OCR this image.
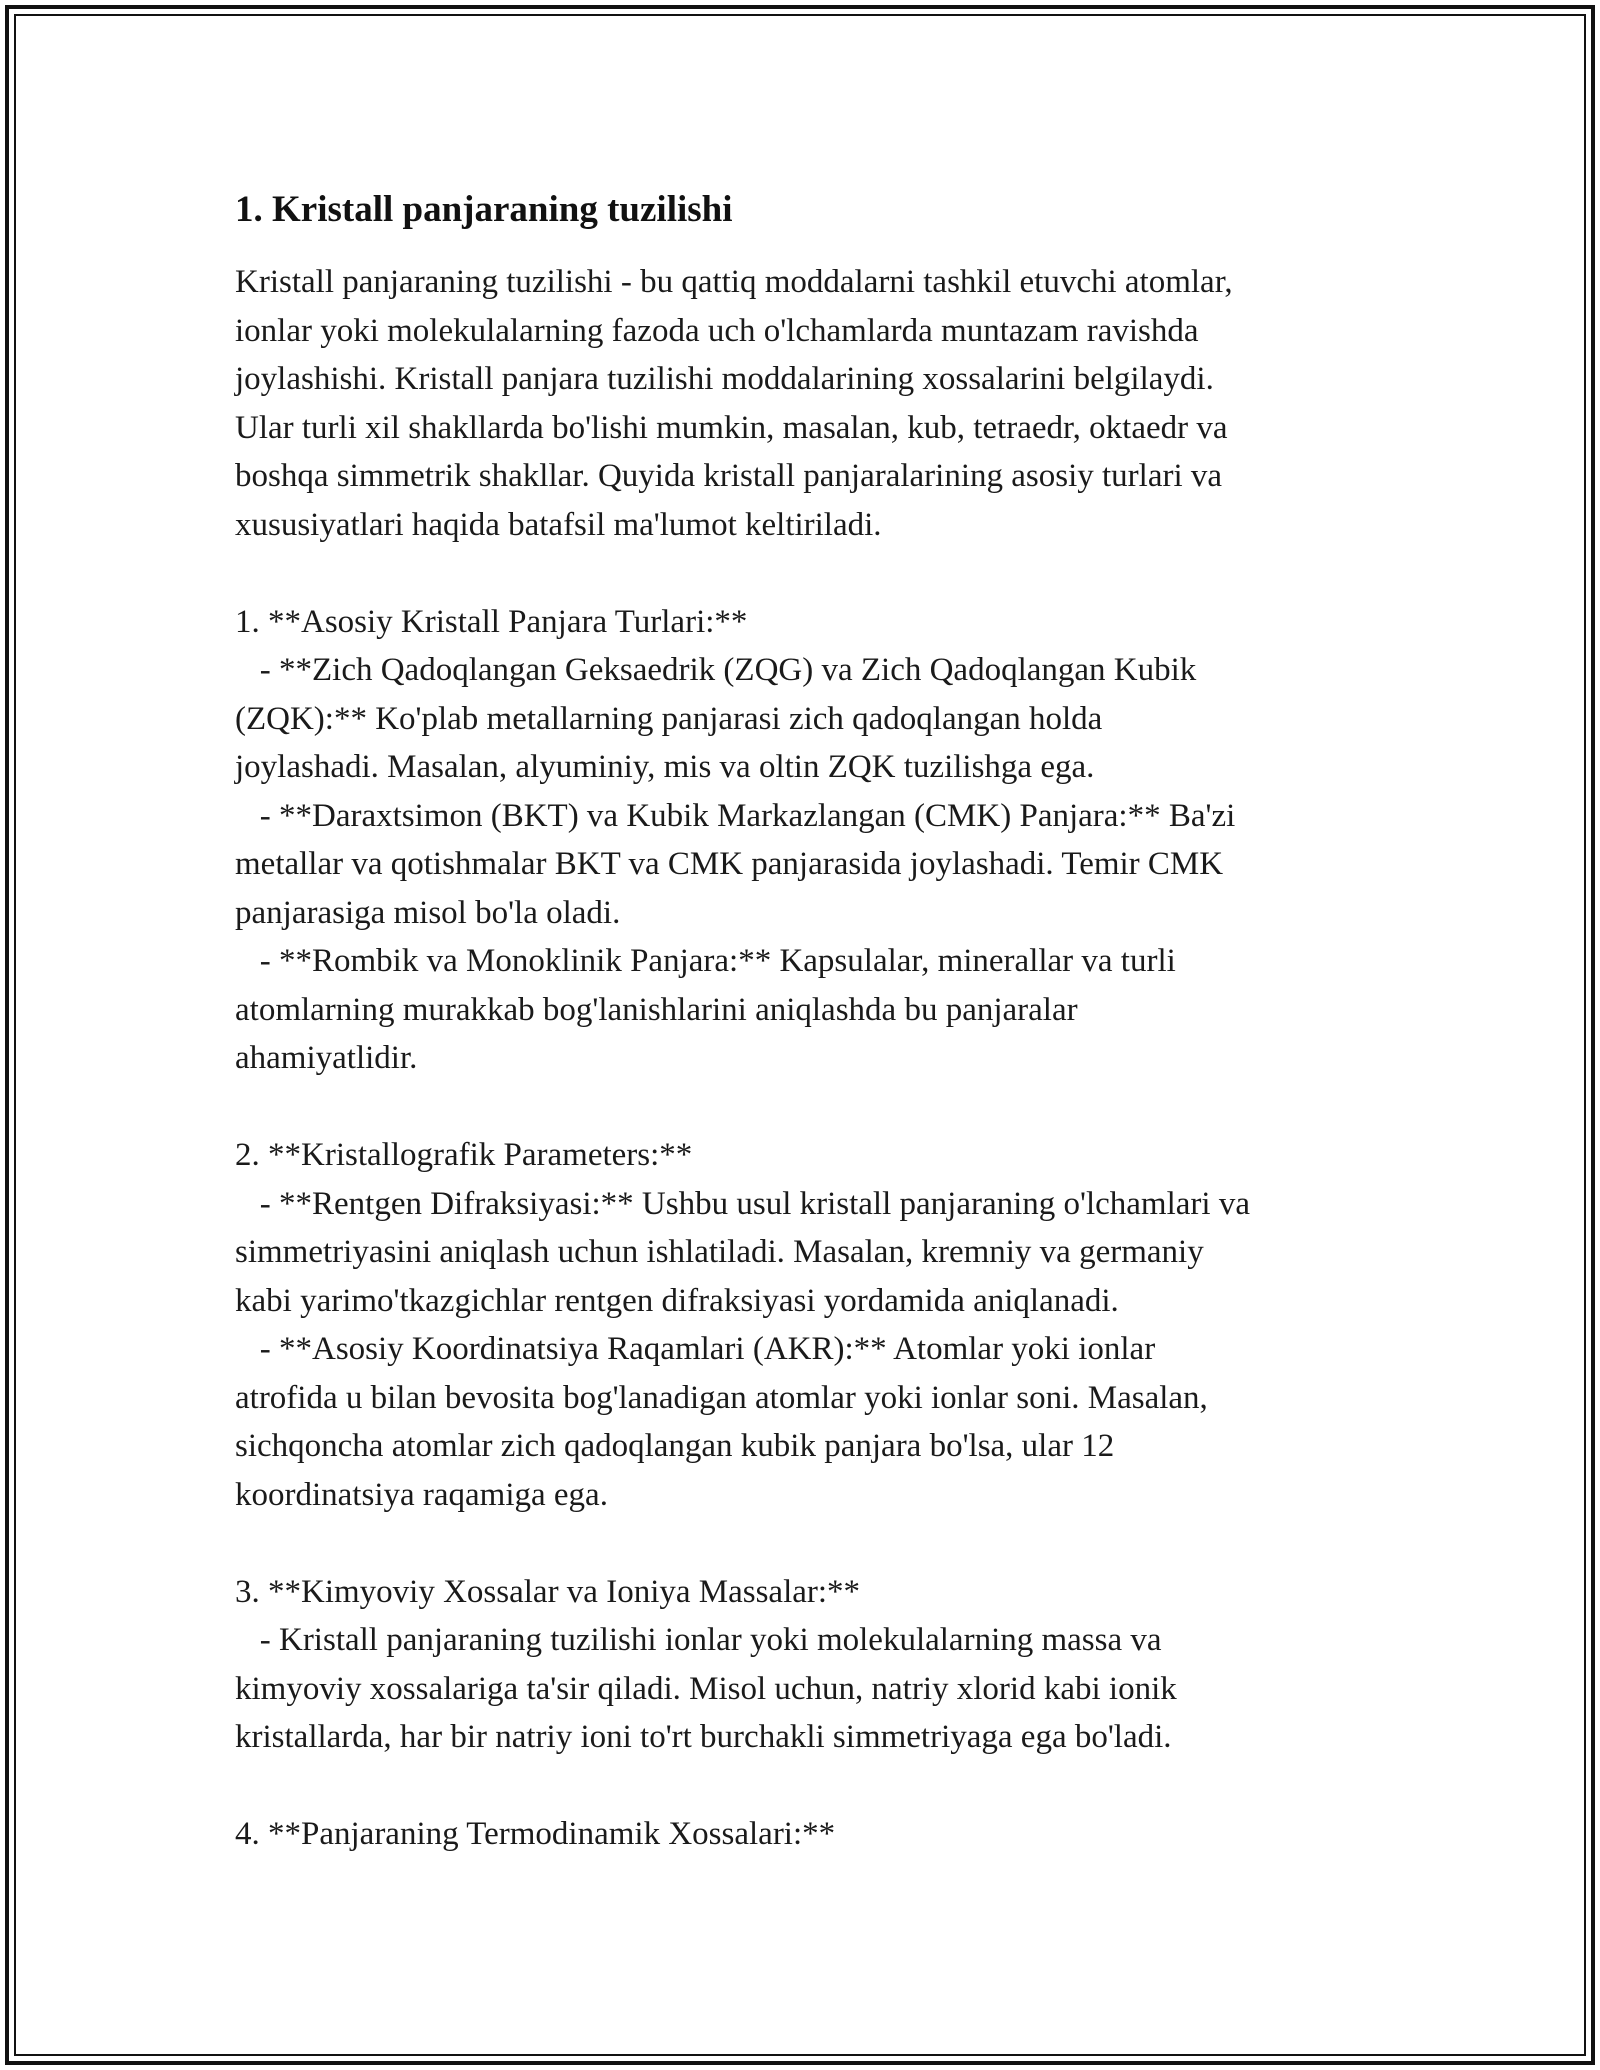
1. Kristall panjaraning tuzilishi
Kristall panjaraning tuzilishi - bu qattiq moddalarni tashkil etuvchi atomlar,
ionlar yoki molekulalarning fazoda uch o'lchamlarda muntazam ravishda
joylashishi. Kristall panjara tuzilishi moddalarining xossalarini belgilaydi.
Ular turli xil shakllarda bo'lishi mumkin, masalan, kub, tetraedr, oktaedr va
boshqa simmetrik shakllar. Quyida kristall panjaralarining asosiy turlari va
xususiyatlari haqida batafsil ma'lumot keltiriladi.
1. **Asosiy Kristall Panjara Turlari:**
- **Zich Qadoqlangan Geksaedrik (ZQG) va Zich Qadoqlangan Kubik
(ZQK):** Ko'plab metallarning panjarasi zich qadoqlangan holda
joylashadi. Masalan, alyuminiy, mis va oltin ZQK tuzilishga ega.
- **Daraxtsimon (BKT) va Kubik Markazlangan (CMK) Panjara:** Ba'zi
metallar va qotishmalar BKT va CMK panjarasida joylashadi. Temir CMK
panjarasiga misol bo'la oladi.
- **Rombik va Monoklinik Panjara:** Kapsulalar, minerallar va turli
atomlarning murakkab bog'lanishlarini aniqlashda bu panjaralar
ahamiyatlidir.
2. **Kristallografik Parameters:**
- **Rentgen Difraksiyasi:** Ushbu usul kristall panjaraning o'lchamlari va
simmetriyasini aniqlash uchun ishlatiladi. Masalan, kremniy va germaniy
kabi yarimo'tkazgichlar rentgen difraksiyasi yordamida aniqlanadi.
- **Asosiy Koordinatsiya Raqamlari (AKR):** Atomlar yoki ionlar
atrofida u bilan bevosita bog'lanadigan atomlar yoki ionlar soni. Masalan,
sichqoncha atomlar zich qadoqlangan kubik panjara bo'lsa, ular 12
koordinatsiya raqamiga ega.
3. **Kimyoviy Xossalar va Ioniya Massalar:**
- Kristall panjaraning tuzilishi ionlar yoki molekulalarning massa va
kimyoviy xossalariga ta'sir qiladi. Misol uchun, natriy xlorid kabi ionik
kristallarda, har bir natriy ioni to'rt burchakli simmetriyaga ega bo'ladi.
4. **Panjaraning Termodinamik Xossalari:**
